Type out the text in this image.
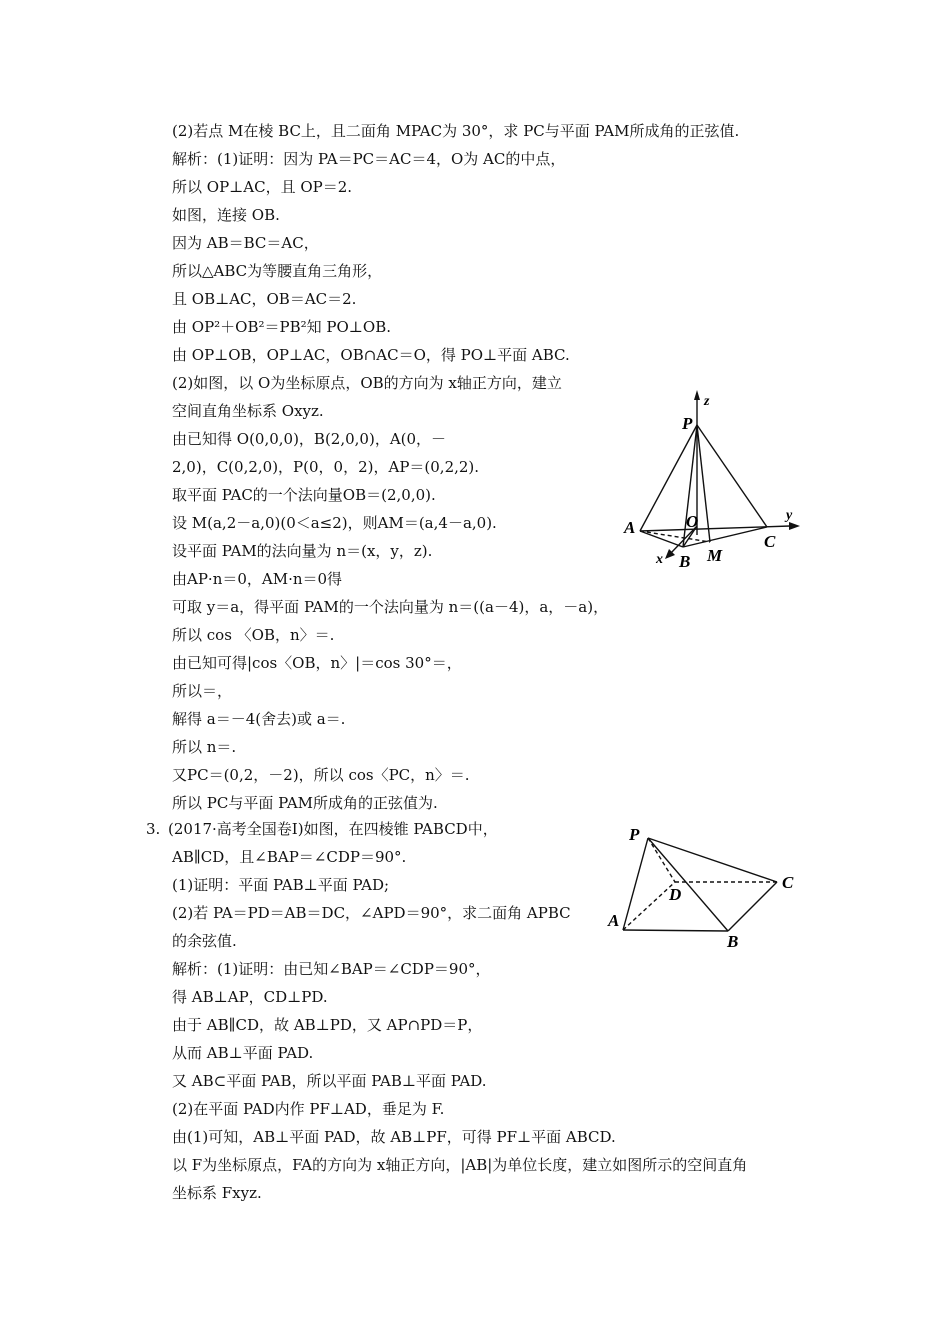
(2)若点 M在棱 BC上，且二面角 MPAC为 30°，求 PC与平面 PAM所成角的正弦值.
解析：(1)证明：因为 PA＝PC＝AC＝4，O为 AC的中点，
所以 OP⊥AC，且 OP＝2.
如图，连接 OB.
因为 AB＝BC＝AC，
所以△ABC为等腰直角三角形，
且 OB⊥AC，OB＝AC＝2.
由 OP²＋OB²＝PB²知 PO⊥OB.
由 OP⊥OB，OP⊥AC，OB∩AC＝O，得 PO⊥平面 ABC.
(2)如图，以 O为坐标原点，OB的方向为 x轴正方向，建立
空间直角坐标系 Oxyz.
由已知得 O(0,0,0)，B(2,0,0)，A(0，－
2,0)，C(0,2,0)，P(0，0，2)，AP＝(0,2,2).
取平面 PAC的一个法向量OB＝(2,0,0).
设 M(a,2－a,0)(0＜a≤2)，则AM＝(a,4－a,0).
设平面 PAM的法向量为 n＝(x，y，z).
由AP·n＝0，AM·n＝0得
可取 y＝a，得平面 PAM的一个法向量为 n＝((a－4)，a，－a)，
所以 cos 〈OB，n〉＝.
由已知可得|cos〈OB，n〉|＝cos 30°＝，
所以＝，
解得 a＝－4(舍去)或 a＝.
所以 n＝.
又PC＝(0,2，－2)，所以 cos〈PC，n〉＝.
所以 PC与平面 PAM所成角的正弦值为.
3. (2017·高考全国卷Ⅰ)如图，在四棱锥 PABCD中，
AB∥CD，且∠BAP＝∠CDP＝90°.
(1)证明：平面 PAB⊥平面 PAD;
(2)若 PA＝PD＝AB＝DC，∠APD＝90°，求二面角 APBC
的余弦值.
解析：(1)证明：由已知∠BAP＝∠CDP＝90°，
得 AB⊥AP，CD⊥PD.
由于 AB∥CD，故 AB⊥PD，又 AP∩PD＝P，
从而 AB⊥平面 PAD.
又 AB⊂平面 PAB，所以平面 PAB⊥平面 PAD.
(2)在平面 PAD内作 PF⊥AD，垂足为 F.
由(1)可知，AB⊥平面 PAD，故 AB⊥PF，可得 PF⊥平面 ABCD.
以 F为坐标原点，FA的方向为 x轴正方向，|AB|为单位长度，建立如图所示的空间直角
坐标系 Fxyz.
z
P
y
A	O
C
x B M
P
D
C
A
B
